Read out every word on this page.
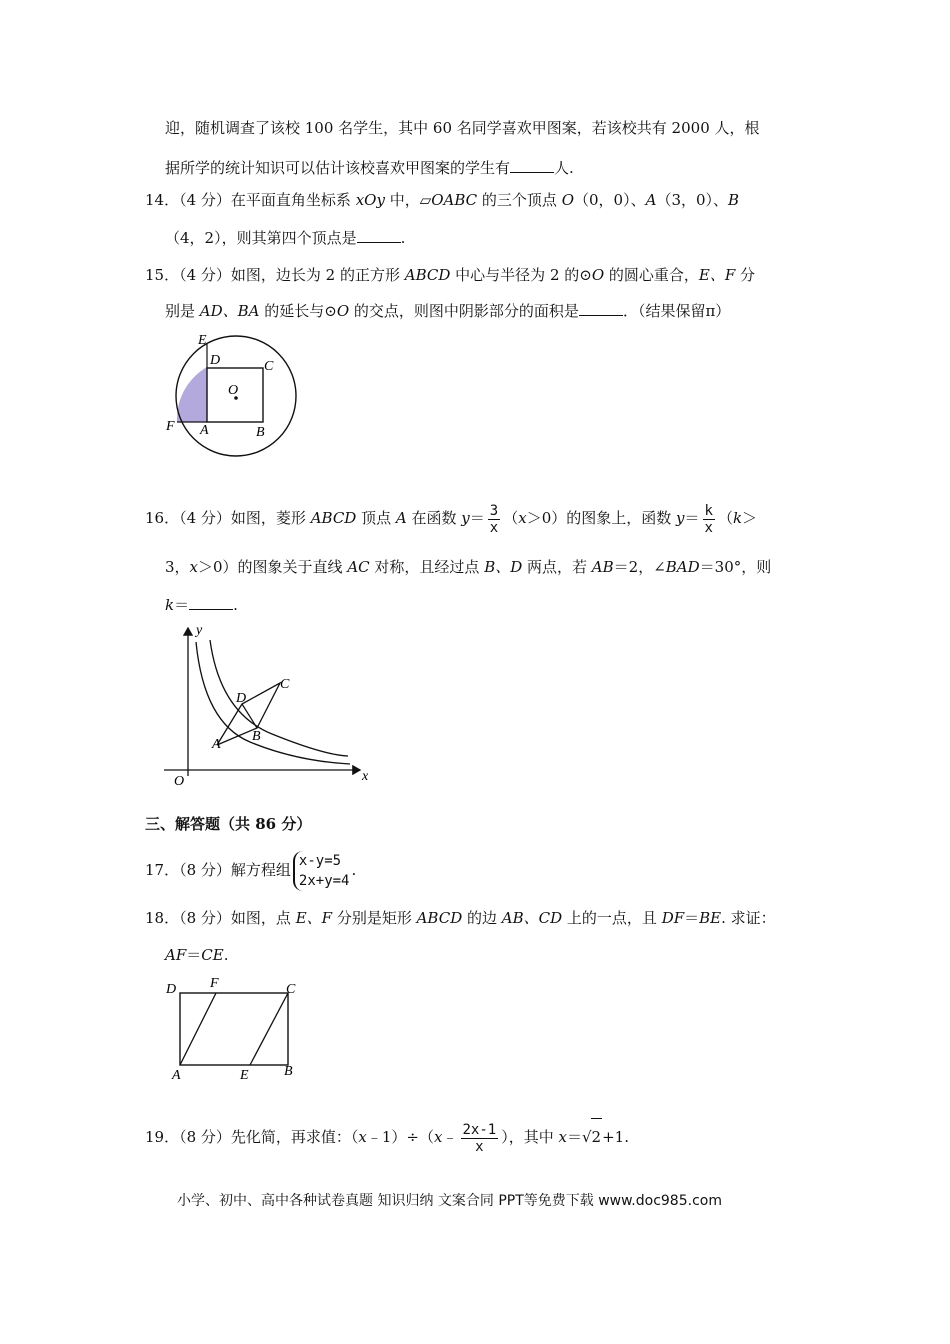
迎，随机调查了该校 100 名学生，其中 60 名同学喜欢甲图案，若该校共有 2000 人，根
据所学的统计知识可以估计该校喜欢甲图案的学生有	人.
14．（4 分）在平面直角坐标系 xOy 中，▱OABC 的三个顶点 O（0，0）、A（3，0）、B
（4，2），则其第四个顶点是	.
15．（4 分）如图，边长为 2 的正方形 ABCD 中心与半径为 2 的⊙O 的圆心重合，E、F 分
别是 AD、BA 的延长与⊙O 的交点，则图中阴影部分的面积是	．（结果保留π）
E
D	C
O
F A	B
16．（4 分）如图，菱形 ABCD 顶点 A 在函数 $y= \frac{3}{x} (x>0)$的图象上，函数 $y= \frac{k}{x} (k>$
3，x＞0）的图象关于直线 AC 对称，且经过点 B、D 两点，若 AB＝2，∠BAD＝30°，则
k＝	.
y
x
O
A
B
C
D
三、解答题（共 86 分）
17．（8 分）解方程组 x-y=5
2x+y=4
.
18．（8 分）如图，点 E、F 分别是矩形 ABCD 的边 AB、CD 上的一点，且 DF＝BE. 求证：
AF＝CE.
D F	C
A	E	B
19．（8 分）先化简，再求值：（x﹣1）÷（x﹣ $\frac{2x-1}{x}$ ），其中 x＝√2+1.
小学、初中、高中各种试卷真题 知识归纳 文案合同 PPT等免费下载 www.doc985.com
